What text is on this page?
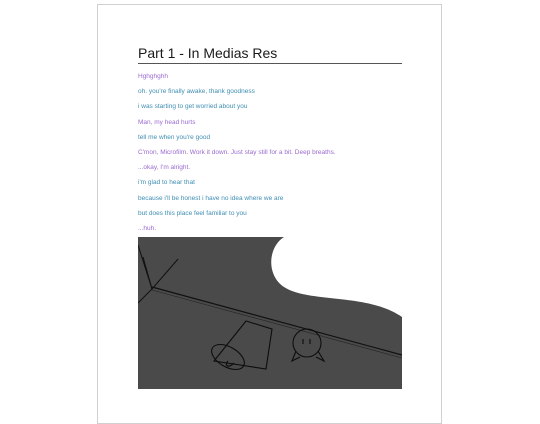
Part 1 - In Medias Res
Hghghghh
oh. you're finally awake, thank goodness
i was starting to get worried about you
Man, my head hurts
tell me when you're good
C'mon, Microfilm. Work it down. Just stay still for a bit. Deep breaths.
...okay, I'm alright.
i'm glad to hear that
because i'll be honest i have no idea where we are
but does this place feel familiar to you
...huh.
